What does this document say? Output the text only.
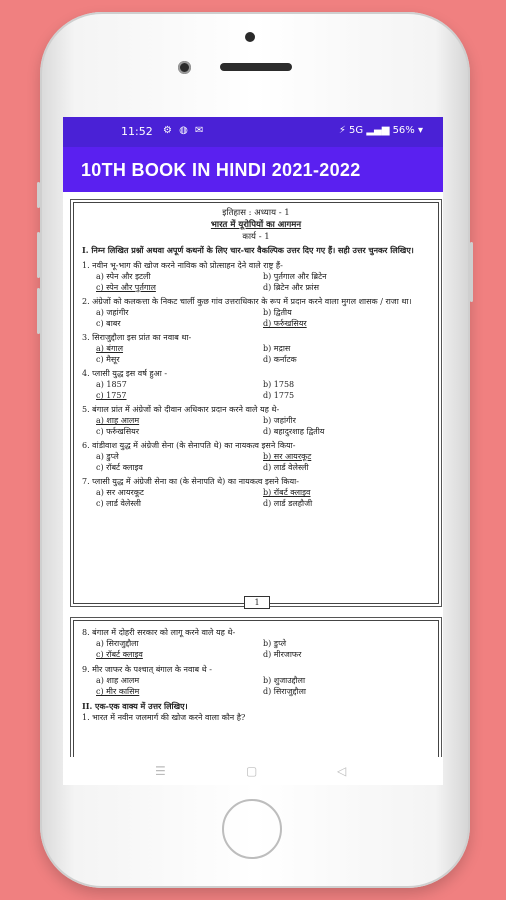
11:52 ⚙ ◍ ✉	⚡ 5G ▂▄▆ 56% ▾
10TH BOOK IN HINDI 2021-2022
इतिहास : अध्याय - 1
भारत में यूरोपियों का आगमन
कार्य - 1
I. निम्न लिखित प्रश्नों अथवा अपूर्ण कथनों के लिए चार-चार वैकल्पिक उत्तर दिए गए हैं। सही उत्तर चुनकर लिखिए।
1. नवीन भू-भाग की खोज करने नाविक को प्रोत्साहन देने वाले राष्ट्र हैं-
a) स्पेन और इटली	b) पुर्तगाल और ब्रिटेन
c) स्पेन और पुर्तगाल	d) ब्रिटेन और फ्रांस
2. अंग्रेजों को कलकत्ता के निकट चार्ली कुछ गांव उत्तराधिकार के रूप में प्रदान करने वाला मुगल शासक / राजा था।
a) जहांगीर	b) द्वितीय
c) बाबर	d) फर्रुखसियर
3. सिराजुद्दौला इस प्रांत का नवाब था-
a) बंगाल	b) मद्रास
c) मैसूर	d) कर्नाटक
4. प्लासी युद्ध इस वर्ष हुआ -
a) 1857	b) 1758
c) 1757	d) 1775
5. बंगाल प्रांत में अंग्रेजों को दीवान अधिकार प्रदान करने वाले यह थे-
a) शाह आलम	b) जहांगीर
c) फर्रुखसियर	d) बहादुरशाह द्वितीय
6. वांडीवाश युद्ध में अंग्रेजी सेना (के सेनापति थे) का नायकत्व इसने किया-
a) डुप्ले	b) सर आयरकूट
c) रॉबर्ट क्लाइव	d) लार्ड वेलेस्ली
7. प्लासी युद्ध में अंग्रेजी सेना का (के सेनापति थे) का नायकत्व इसने किया-
a) सर आयरकूट	b) रॉबर्ट क्लाइव
c) लार्ड वेलेस्ली	d) लार्ड डलहौजी
1
8. बंगाल में दोहरी सरकार को लागू करने वाले यह थे-
a) सिराजुद्दौला	b) डुप्ले
c) रॉबर्ट क्लाइव	d) मीरजाफर
9. मीर जाफर के पश्चात् बंगाल के नवाब थे -
a) शाह आलम	b) शुजाउद्दौला
c) मीर कासिम	d) सिराजुद्दौला
II. एक-एक वाक्य में उत्तर लिखिए।
1. भारत में नवीन जलमार्ग की खोज करने वाला कौन है?
☰	▢	◁
